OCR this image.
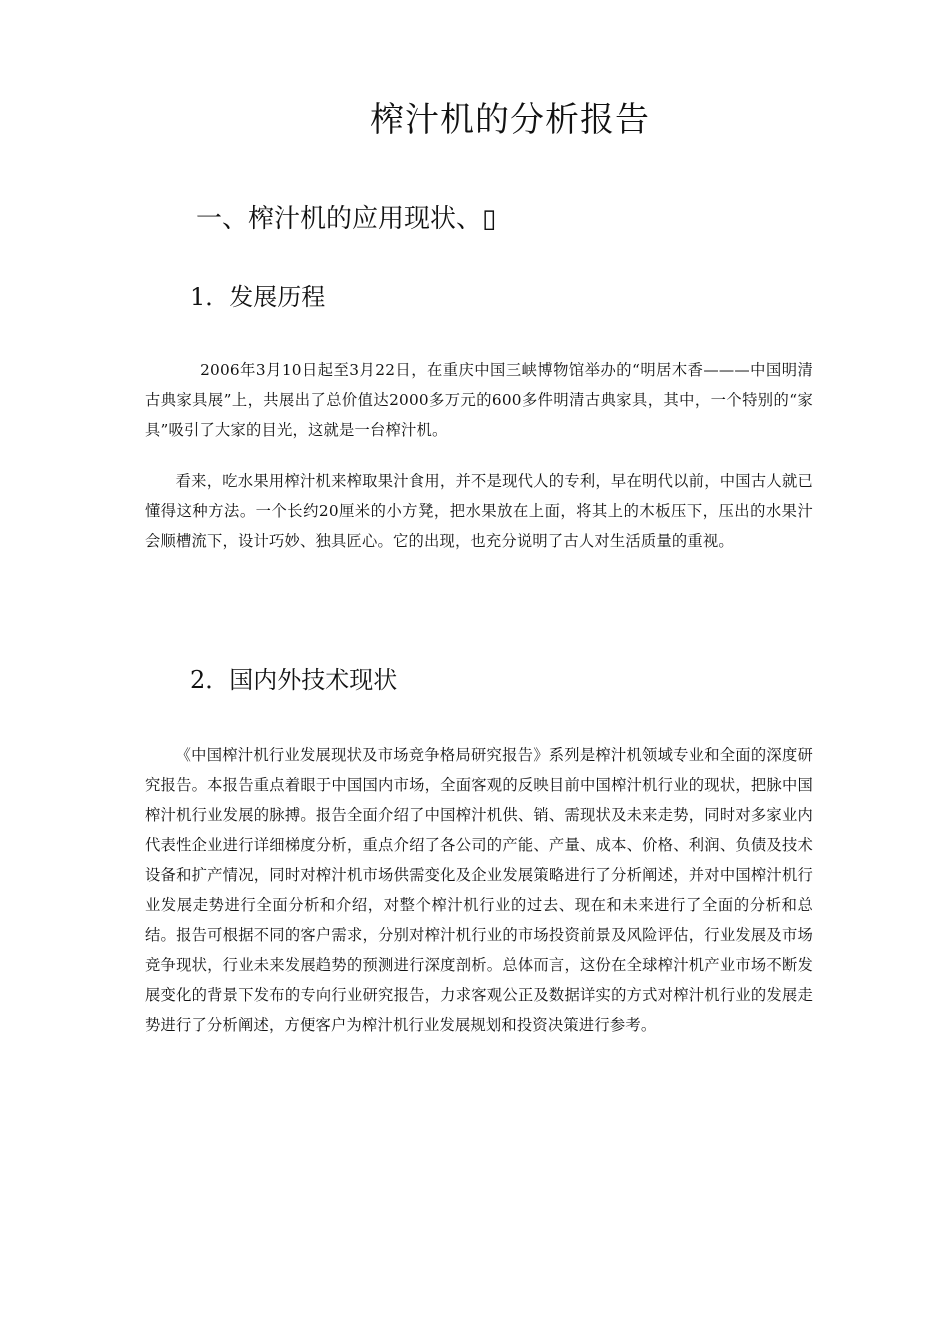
榨汁机的分析报告
一、榨汁机的应用现状、▯
1．发展历程

2006年3月10日起至3月22日，在重庆中国三峡博物馆举办的“明居木香———中国明清古典家具展”上，共展出了总价值达2000多万元的600多件明清古典家具，其中，一个特别的“家具”吸引了大家的目光，这就是一台榨汁机。

看来，吃水果用榨汁机来榨取果汁食用，并不是现代人的专利，早在明代以前，中国古人就已懂得这种方法。一个长约20厘米的小方凳，把水果放在上面，将其上的木板压下，压出的水果汁会顺槽流下，设计巧妙、独具匠心。它的出现，也充分说明了古人对生活质量的重视。

2．国内外技术现状

《中国榨汁机行业发展现状及市场竞争格局研究报告》系列是榨汁机领域专业和全面的深度研究报告。本报告重点着眼于中国国内市场，全面客观的反映目前中国榨汁机行业的现状，把脉中国榨汁机行业发展的脉搏。报告全面介绍了中国榨汁机供、销、需现状及未来走势，同时对多家业内代表性企业进行详细梯度分析，重点介绍了各公司的产能、产量、成本、价格、利润、负债及技术设备和扩产情况，同时对榨汁机市场供需变化及企业发展策略进行了分析阐述，并对中国榨汁机行业发展走势进行全面分析和介绍，对整个榨汁机行业的过去、现在和未来进行了全面的分析和总结。报告可根据不同的客户需求，分别对榨汁机行业的市场投资前景及风险评估，行业发展及市场竞争现状，行业未来发展趋势的预测进行深度剖析。总体而言，这份在全球榨汁机产业市场不断发展变化的背景下发布的专向行业研究报告，力求客观公正及数据详实的方式对榨汁机行业的发展走势进行了分析阐述，方便客户为榨汁机行业发展规划和投资决策进行参考。
